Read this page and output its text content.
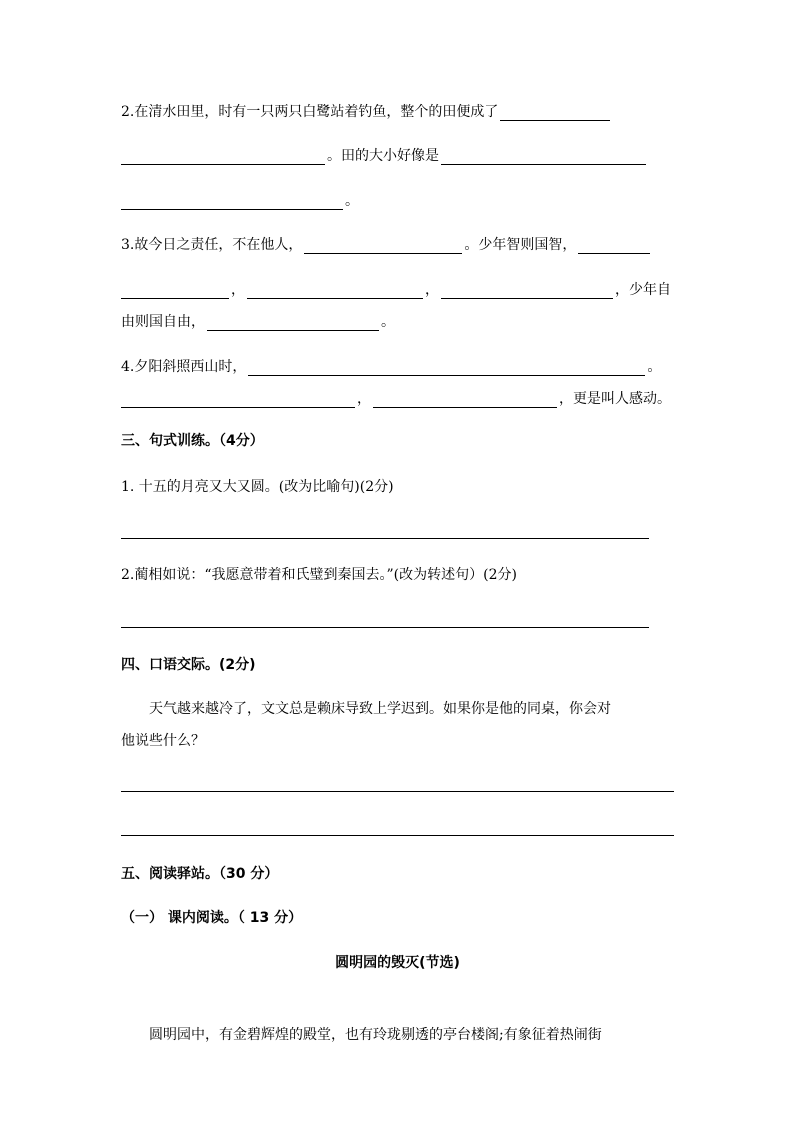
2.在清水田里，时有一只两只白鹭站着钓鱼，整个的田便成了
。田的大小好像是
。
3.故今日之责任，不在他人，	。少年智则国智，
，	，	，少年自
由则国自由，	。
4.夕阳斜照西山时，	。
，	，更是叫人感动。
三、句式训练。（4分）
1. 十五的月亮又大又圆。(改为比喻句)(2分)
2.蔺相如说：“我愿意带着和氏璧到秦国去。”(改为转述句）(2分)
四、口语交际。(2分)
天气越来越冷了，文文总是赖床导致上学迟到。如果你是他的同桌，你会对
他说些什么？
五、阅读驿站。（30 分）
（一） 课内阅读。（ 13 分）
圆明园的毁灭(节选)
圆明园中，有金碧辉煌的殿堂，也有玲珑剔透的亭台楼阁;有象征着热闹街
